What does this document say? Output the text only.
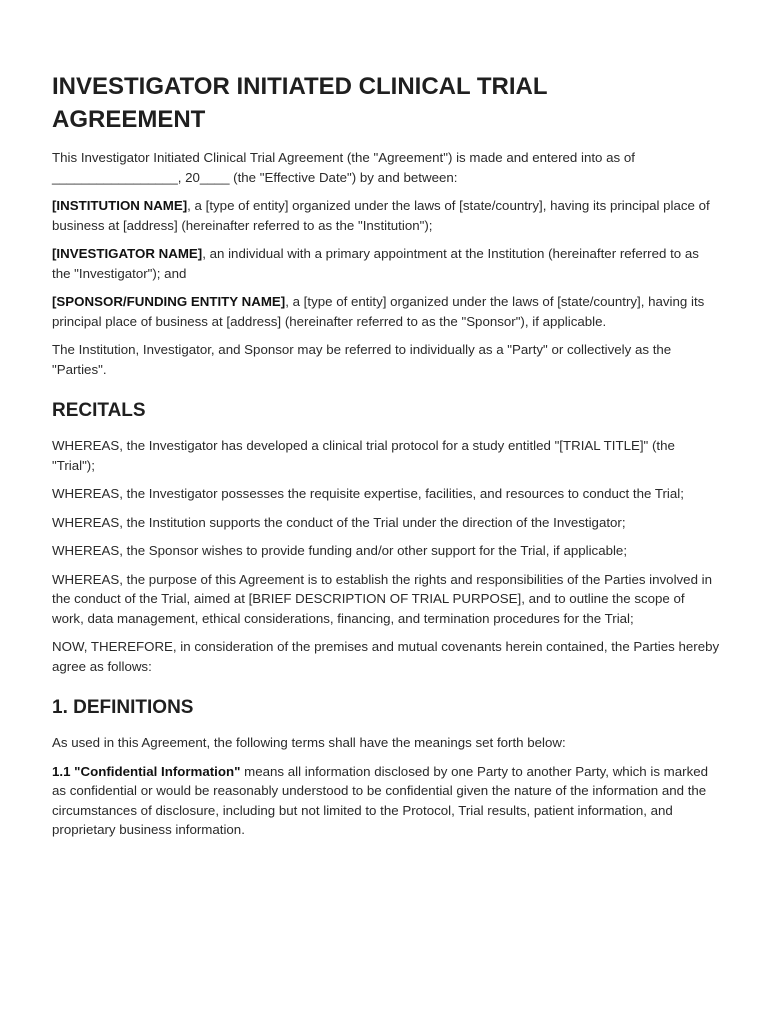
INVESTIGATOR INITIATED CLINICAL TRIAL AGREEMENT

This Investigator Initiated Clinical Trial Agreement (the "Agreement") is made and entered into as of _________________, 20____ (the "Effective Date") by and between:

[INSTITUTION NAME], a [type of entity] organized under the laws of [state/country], having its principal place of business at [address] (hereinafter referred to as the "Institution");

[INVESTIGATOR NAME], an individual with a primary appointment at the Institution (hereinafter referred to as the "Investigator"); and

[SPONSOR/FUNDING ENTITY NAME], a [type of entity] organized under the laws of [state/country], having its principal place of business at [address] (hereinafter referred to as the "Sponsor"), if applicable.

The Institution, Investigator, and Sponsor may be referred to individually as a "Party" or collectively as the "Parties".

RECITALS

WHEREAS, the Investigator has developed a clinical trial protocol for a study entitled "[TRIAL TITLE]" (the "Trial");

WHEREAS, the Investigator possesses the requisite expertise, facilities, and resources to conduct the Trial;

WHEREAS, the Institution supports the conduct of the Trial under the direction of the Investigator;

WHEREAS, the Sponsor wishes to provide funding and/or other support for the Trial, if applicable;

WHEREAS, the purpose of this Agreement is to establish the rights and responsibilities of the Parties involved in the conduct of the Trial, aimed at [BRIEF DESCRIPTION OF TRIAL PURPOSE], and to outline the scope of work, data management, ethical considerations, financing, and termination procedures for the Trial;

NOW, THEREFORE, in consideration of the premises and mutual covenants herein contained, the Parties hereby agree as follows:

1. DEFINITIONS

As used in this Agreement, the following terms shall have the meanings set forth below:

1.1 "Confidential Information" means all information disclosed by one Party to another Party, which is marked as confidential or would be reasonably understood to be confidential given the nature of the information and the circumstances of disclosure, including but not limited to the Protocol, Trial results, patient information, and proprietary business information.
